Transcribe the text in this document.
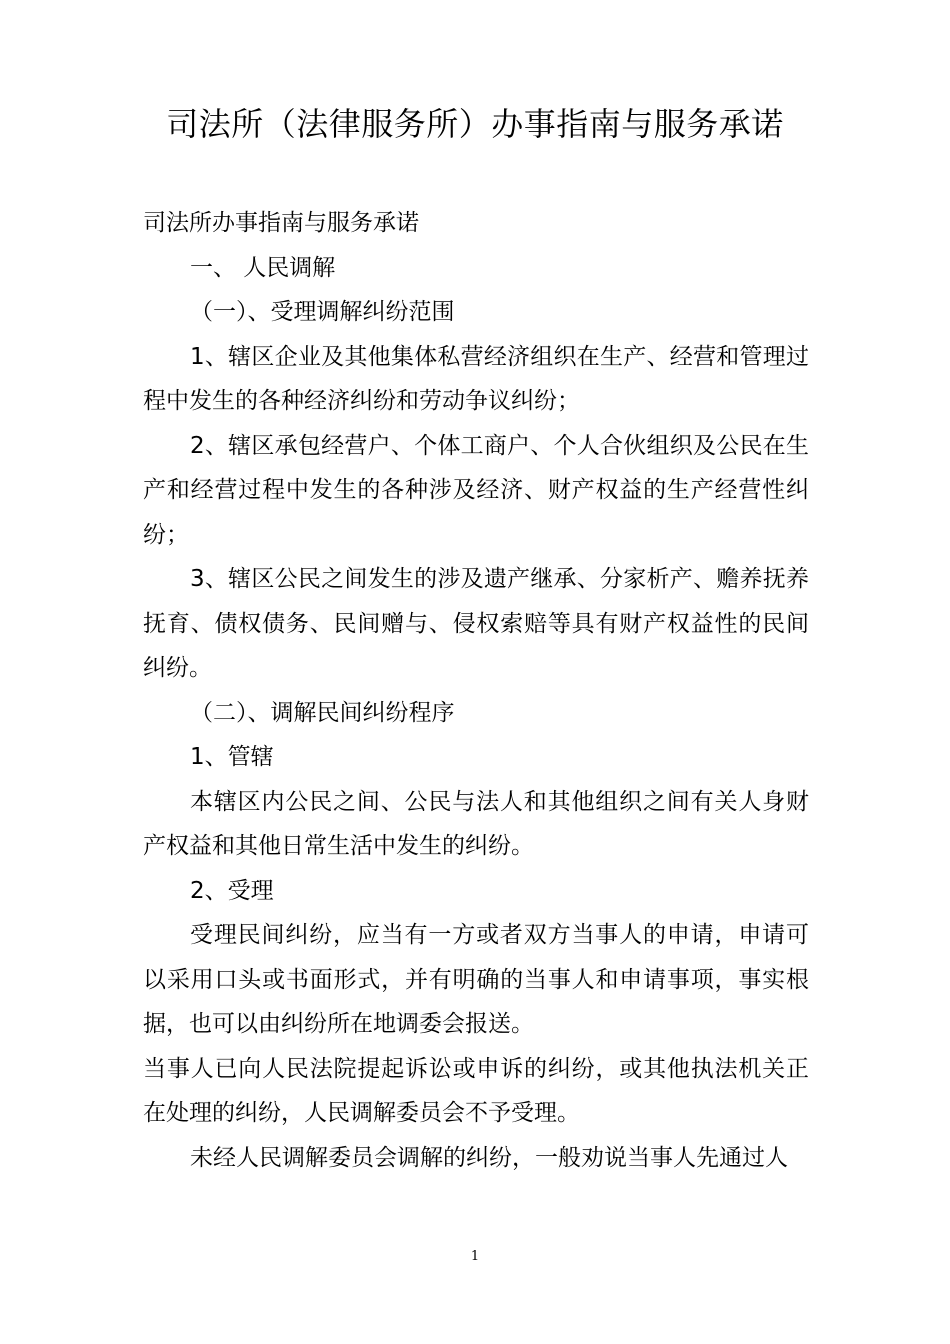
司法所（法律服务所）办事指南与服务承诺

司法所办事指南与服务承诺

一、 人民调解

（一）、受理调解纠纷范围

1、辖区企业及其他集体私营经济组织在生产、经营和管理过程中发生的各种经济纠纷和劳动争议纠纷；

2、辖区承包经营户、个体工商户、个人合伙组织及公民在生产和经营过程中发生的各种涉及经济、财产权益的生产经营性纠纷；

3、辖区公民之间发生的涉及遗产继承、分家析产、赡养抚养抚育、债权债务、民间赠与、侵权索赔等具有财产权益性的民间纠纷。

（二）、调解民间纠纷程序

1、管辖

本辖区内公民之间、公民与法人和其他组织之间有关人身财产权益和其他日常生活中发生的纠纷。

2、受理

受理民间纠纷，应当有一方或者双方当事人的申请，申请可以采用口头或书面形式，并有明确的当事人和申请事项，事实根据，也可以由纠纷所在地调委会报送。

当事人已向人民法院提起诉讼或申诉的纠纷，或其他执法机关正在处理的纠纷，人民调解委员会不予受理。

未经人民调解委员会调解的纠纷，一般劝说当事人先通过人

1
